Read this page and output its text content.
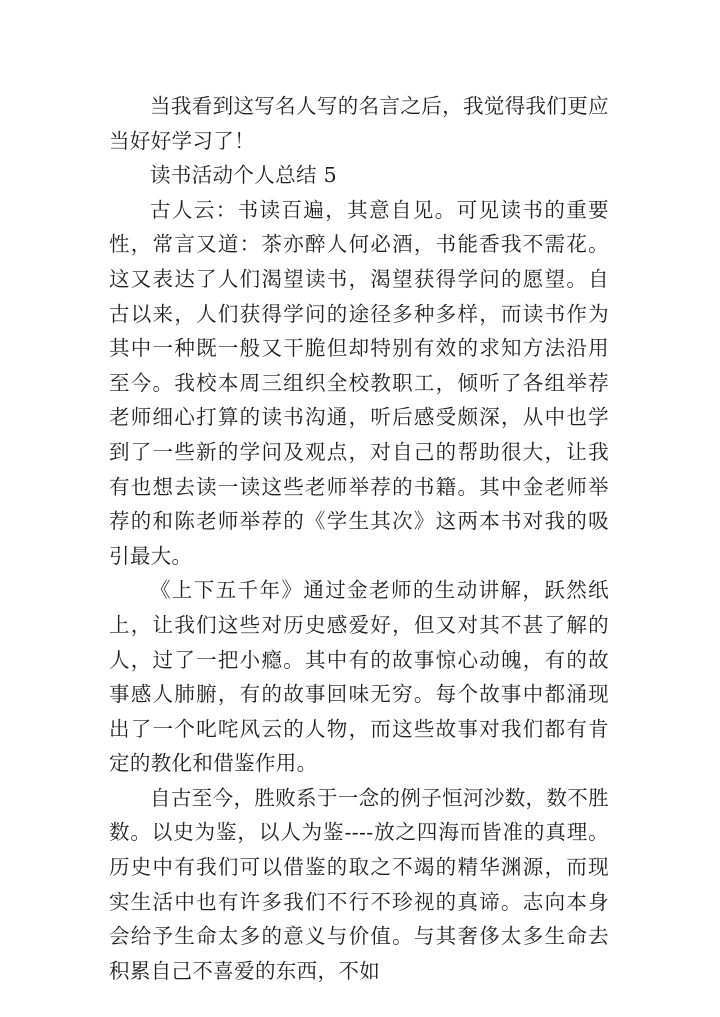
当我看到这写名人写的名言之后，我觉得我们更应当好好学习了！

读书活动个人总结 5

古人云：书读百遍，其意自见。可见读书的重要性，常言又道：茶亦醉人何必酒，书能香我不需花。这又表达了人们渴望读书，渴望获得学问的愿望。自古以来，人们获得学问的途径多种多样，而读书作为其中一种既一般又干脆但却特别有效的求知方法沿用至今。我校本周三组织全校教职工，倾听了各组举荐老师细心打算的读书沟通，听后感受颇深，从中也学到了一些新的学问及观点，对自己的帮助很大，让我有也想去读一读这些老师举荐的书籍。其中金老师举荐的和陈老师举荐的《学生其次》这两本书对我的吸引最大。

《上下五千年》通过金老师的生动讲解，跃然纸上，让我们这些对历史感爱好，但又对其不甚了解的人，过了一把小瘾。其中有的故事惊心动魄，有的故事感人肺腑，有的故事回味无穷。每个故事中都涌现出了一个叱咤风云的人物，而这些故事对我们都有肯定的教化和借鉴作用。

自古至今，胜败系于一念的例子恒河沙数，数不胜数。以史为鉴，以人为鉴----放之四海而皆准的真理。历史中有我们可以借鉴的取之不竭的精华渊源，而现实生活中也有许多我们不行不珍视的真谛。志向本身会给予生命太多的意义与价值。与其奢侈太多生命去积累自己不喜爱的东西，不如
